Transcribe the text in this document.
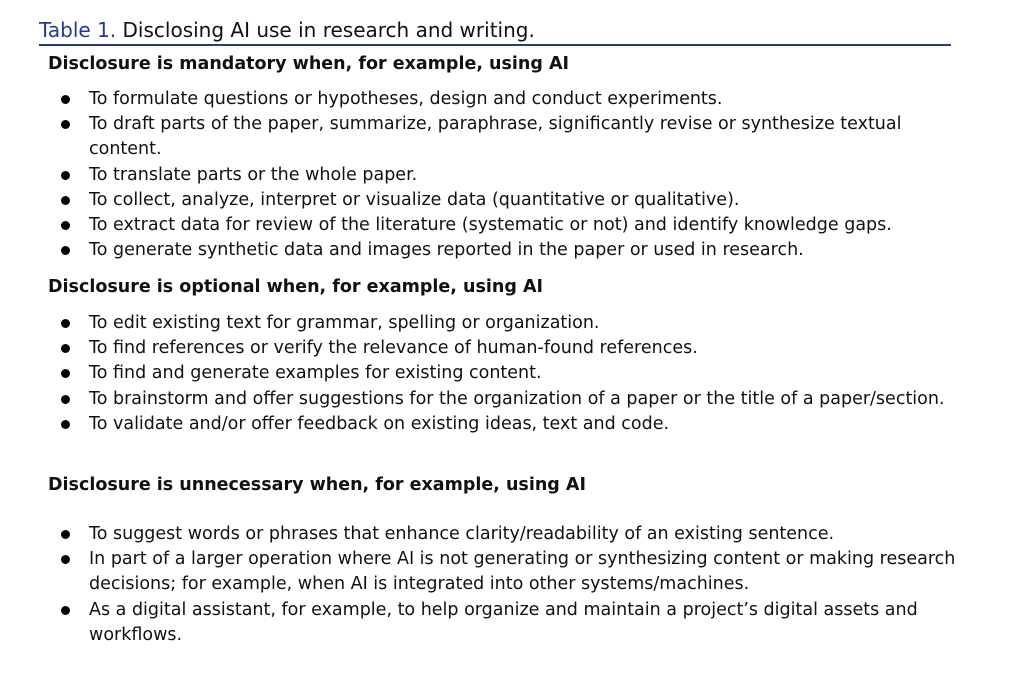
Table 1. Disclosing AI use in research and writing.
Disclosure is mandatory when, for example, using AI
To formulate questions or hypotheses, design and conduct experiments.
To draft parts of the paper, summarize, paraphrase, significantly revise or synthesize textual content.
To translate parts or the whole paper.
To collect, analyze, interpret or visualize data (quantitative or qualitative).
To extract data for review of the literature (systematic or not) and identify knowledge gaps.
To generate synthetic data and images reported in the paper or used in research.
Disclosure is optional when, for example, using AI
To edit existing text for grammar, spelling or organization.
To find references or verify the relevance of human-found references.
To find and generate examples for existing content.
To brainstorm and offer suggestions for the organization of a paper or the title of a paper/section.
To validate and/or offer feedback on existing ideas, text and code.
Disclosure is unnecessary when, for example, using AI
To suggest words or phrases that enhance clarity/readability of an existing sentence.
In part of a larger operation where AI is not generating or synthesizing content or making research decisions; for example, when AI is integrated into other systems/machines.
As a digital assistant, for example, to help organize and maintain a project’s digital assets and workflows.
